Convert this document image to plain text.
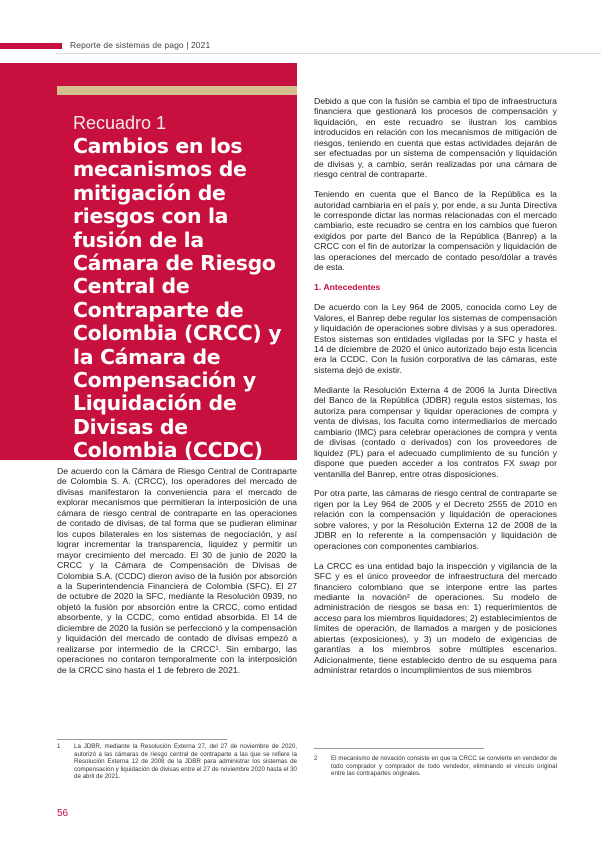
Reporte de sistemas de pago | 2021
Recuadro 1
Cambios en los mecanismos de mitigación de riesgos con la fusión de la Cámara de Riesgo Central de Contraparte de Colombia (CRCC) y la Cámara de Compensación y Liquidación de Divisas de Colombia (CCDC)

De acuerdo con la Cámara de Riesgo Central de Contraparte de Colombia S. A. (CRCC), los operadores del mercado de divisas manifestaron la conveniencia para el mercado de explorar mecanismos que permitieran la interposición de una cámara de riesgo central de contraparte en las operaciones de contado de divisas, de tal forma que se pudieran eliminar los cupos bilaterales en los sistemas de negociación, y así lograr incrementar la transparencia, liquidez y permitir un mayor crecimiento del mercado. El 30 de junio de 2020 la CRCC y la Cámara de Compensación de Divisas de Colombia S.A. (CCDC) dieron aviso de la fusión por absorción a la Superintendencia Financiera de Colombia (SFC). El 27 de octubre de 2020 la SFC, mediante la Resolución 0939, no objetó la fusión por absorción entre la CRCC, como entidad absorbente, y la CCDC, como entidad absorbida. El 14 de diciembre de 2020 la fusión se perfeccionó y la compensación y liquidación del mercado de contado de divisas empezó a realizarse por intermedio de la CRCC¹. Sin embargo, las operaciones no contaron temporalmente con la interposición de la CRCC sino hasta el 1 de febrero de 2021.

Debido a que con la fusión se cambia el tipo de infraestructura financiera que gestionará los procesos de compensación y liquidación, en este recuadro se ilustran los cambios introducidos en relación con los mecanismos de mitigación de riesgos, teniendo en cuenta que estas actividades dejarán de ser efectuadas por un sistema de compensación y liquidación de divisas y, a cambio, serán realizadas por una cámara de riesgo central de contraparte.

Teniendo en cuenta que el Banco de la República es la autoridad cambiaria en el país y, por ende, a su Junta Directiva le corresponde dictar las normas relacionadas con el mercado cambiario, este recuadro se centra en los cambios que fueron exigidos por parte del Banco de la República (Banrep) a la CRCC con el fin de autorizar la compensación y liquidación de las operaciones del mercado de contado peso/dólar a través de esta.

1. Antecedentes

De acuerdo con la Ley 964 de 2005, conocida como Ley de Valores, el Banrep debe regular los sistemas de compensación y liquidación de operaciones sobre divisas y a sus operadores. Estos sistemas son entidades vigiladas por la SFC y hasta el 14 de diciembre de 2020 el único autorizado bajo esta licencia era la CCDC. Con la fusión corporativa de las cámaras, este sistema dejó de existir.

Mediante la Resolución Externa 4 de 2006 la Junta Directiva del Banco de la República (JDBR) regula estos sistemas, los autoriza para compensar y liquidar operaciones de compra y venta de divisas, los faculta como intermediarios de mercado cambiario (IMC) para celebrar operaciones de compra y venta de divisas (contado o derivados) con los proveedores de liquidez (PL) para el adecuado cumplimiento de su función y dispone que pueden acceder a los contratos FX swap por ventanilla del Banrep, entre otras disposiciones.

Por otra parte, las cámaras de riesgo central de contraparte se rigen por la Ley 964 de 2005 y el Decreto 2555 de 2010 en relación con la compensación y liquidación de operaciones sobre valores, y por la Resolución Externa 12 de 2008 de la JDBR en lo referente a la compensación y liquidación de operaciones con componentes cambiarios.

La CRCC es una entidad bajo la inspección y vigilancia de la SFC y es el único proveedor de infraestructura del mercado financiero colombiano que se interpone entre las partes mediante la novación² de operaciones. Su modelo de administración de riesgos se basa en: 1) requerimientos de acceso para los miembros liquidadores; 2) establecimientos de límites de operación, de llamados a margen y de posiciones abiertas (exposiciones), y 3) un modelo de exigencias de garantías a los miembros sobre múltiples escenarios. Adicionalmente, tiene establecido dentro de su esquema para administrar retardos o incumplimientos de sus miembros

1 La JDBR, mediante la Resolución Externa 27, del 27 de noviembre de 2020, autorizó a las cámaras de riesgo central de contraparte a las que se refiere la Resolución Externa 12 de 2008 de la JDBR para administrar los sistemas de compensación y liquidación de divisas entre el 27 de noviembre 2020 hasta el 30 de abril de 2021.
2 El mecanismo de novación consiste en que la CRCC se convierte en vendedor de todo comprador y comprador de todo vendedor, eliminando el vínculo original entre las contrapartes originales.
56
